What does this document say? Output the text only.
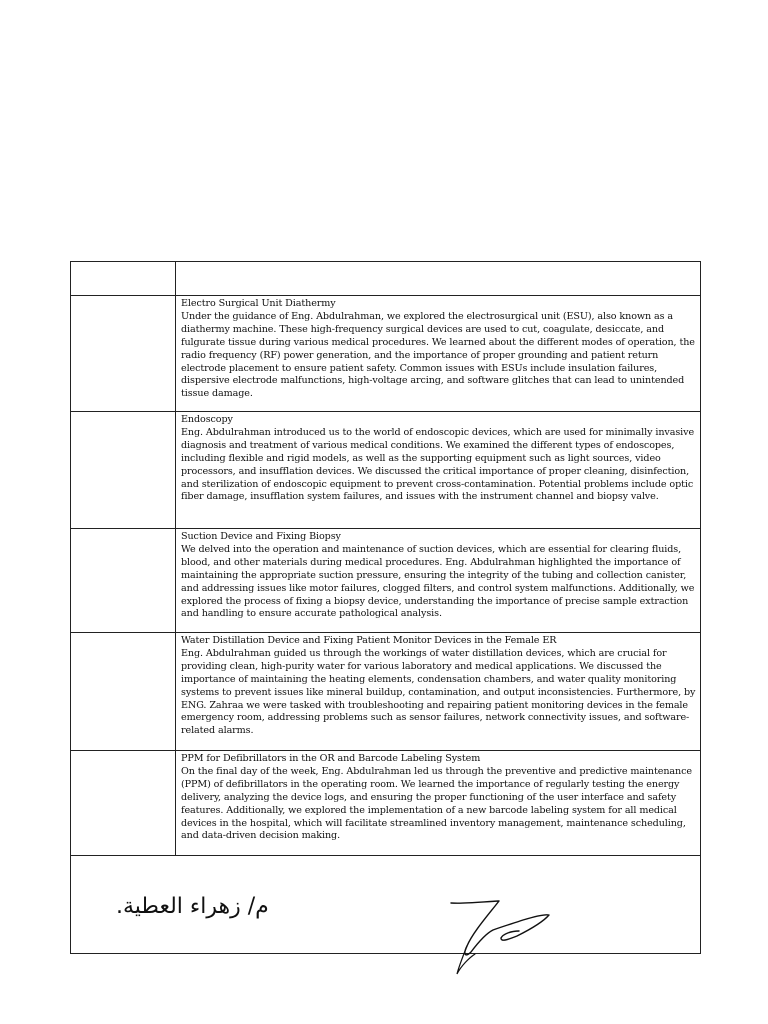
	Electro Surgical Unit Diathermy
Under the guidance of Eng. Abdulrahman, we explored the electrosurgical unit (ESU), also known as a diathermy machine. These high-frequency surgical devices are used to cut, coagulate, desiccate, and fulgurate tissue during various medical procedures. We learned about the different modes of operation, the radio frequency (RF) power generation, and the importance of proper grounding and patient return electrode placement to ensure patient safety. Common issues with ESUs include insulation failures, dispersive electrode malfunctions, high-voltage arcing, and software glitches that can lead to unintended tissue damage.

	Endoscopy
Eng. Abdulrahman introduced us to the world of endoscopic devices, which are used for minimally invasive diagnosis and treatment of various medical conditions. We examined the different types of endoscopes, including flexible and rigid models, as well as the supporting equipment such as light sources, video processors, and insufflation devices. We discussed the critical importance of proper cleaning, disinfection, and sterilization of endoscopic equipment to prevent cross-contamination. Potential problems include optic fiber damage, insufflation system failures, and issues with the instrument channel and biopsy valve.

	Suction Device and Fixing Biopsy
We delved into the operation and maintenance of suction devices, which are essential for clearing fluids, blood, and other materials during medical procedures. Eng. Abdulrahman highlighted the importance of maintaining the appropriate suction pressure, ensuring the integrity of the tubing and collection canister, and addressing issues like motor failures, clogged filters, and control system malfunctions. Additionally, we explored the process of fixing a biopsy device, understanding the importance of precise sample extraction and handling to ensure accurate pathological analysis.

	Water Distillation Device and Fixing Patient Monitor Devices in the Female ER
Eng. Abdulrahman guided us through the workings of water distillation devices, which are crucial for providing clean, high-purity water for various laboratory and medical applications. We discussed the importance of maintaining the heating elements, condensation chambers, and water quality monitoring systems to prevent issues like mineral buildup, contamination, and output inconsistencies. Furthermore, by ENG. Zahraa we were tasked with troubleshooting and repairing patient monitoring devices in the female emergency room, addressing problems such as sensor failures, network connectivity issues, and software-related alarms.

	PPM for Defibrillators in the OR and Barcode Labeling System
On the final day of the week, Eng. Abdulrahman led us through the preventive and predictive maintenance (PPM) of defibrillators in the operating room. We learned the importance of regularly testing the energy delivery, analyzing the device logs, and ensuring the proper functioning of the user interface and safety features. Additionally, we explored the implementation of a new barcode labeling system for all medical devices in the hospital, which will facilitate streamlined inventory management, maintenance scheduling, and data-driven decision making.

م/ زهراء العطية.	
